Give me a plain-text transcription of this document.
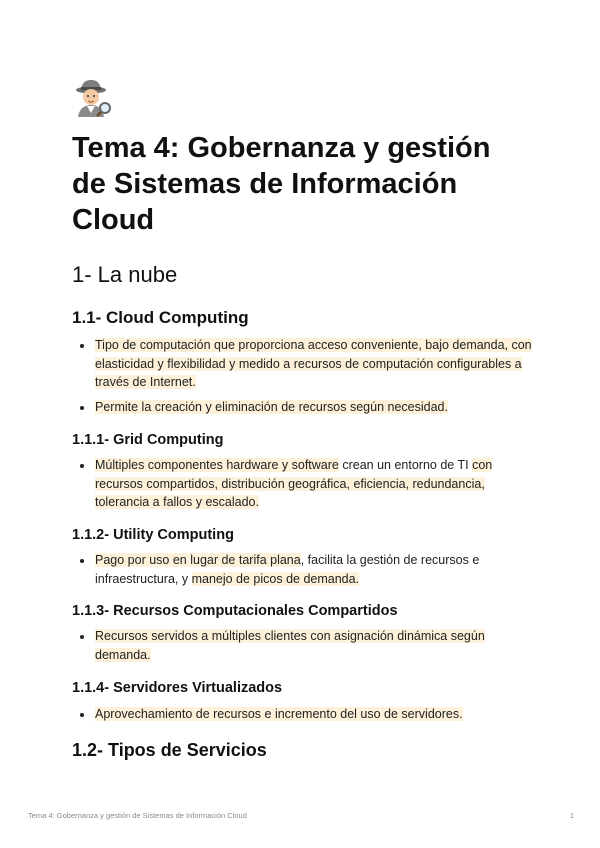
Tema 4: Gobernanza y gestión de Sistemas de Información Cloud
1- La nube
1.1- Cloud Computing
Tipo de computación que proporciona acceso conveniente, bajo demanda, con elasticidad y flexibilidad y medido a recursos de computación configurables a través de Internet.
Permite la creación y eliminación de recursos según necesidad.
1.1.1- Grid Computing
Múltiples componentes hardware y software crean un entorno de TI con recursos compartidos, distribución geográfica, eficiencia, redundancia, tolerancia a fallos y escalado.
1.1.2- Utility Computing
Pago por uso en lugar de tarifa plana, facilita la gestión de recursos e infraestructura, y manejo de picos de demanda.
1.1.3- Recursos Computacionales Compartidos
Recursos servidos a múltiples clientes con asignación dinámica según demanda.
1.1.4- Servidores Virtualizados
Aprovechamiento de recursos e incremento del uso de servidores.
1.2- Tipos de Servicios
Tema 4: Gobernanza y gestión de Sistemas de Información Cloud	1
